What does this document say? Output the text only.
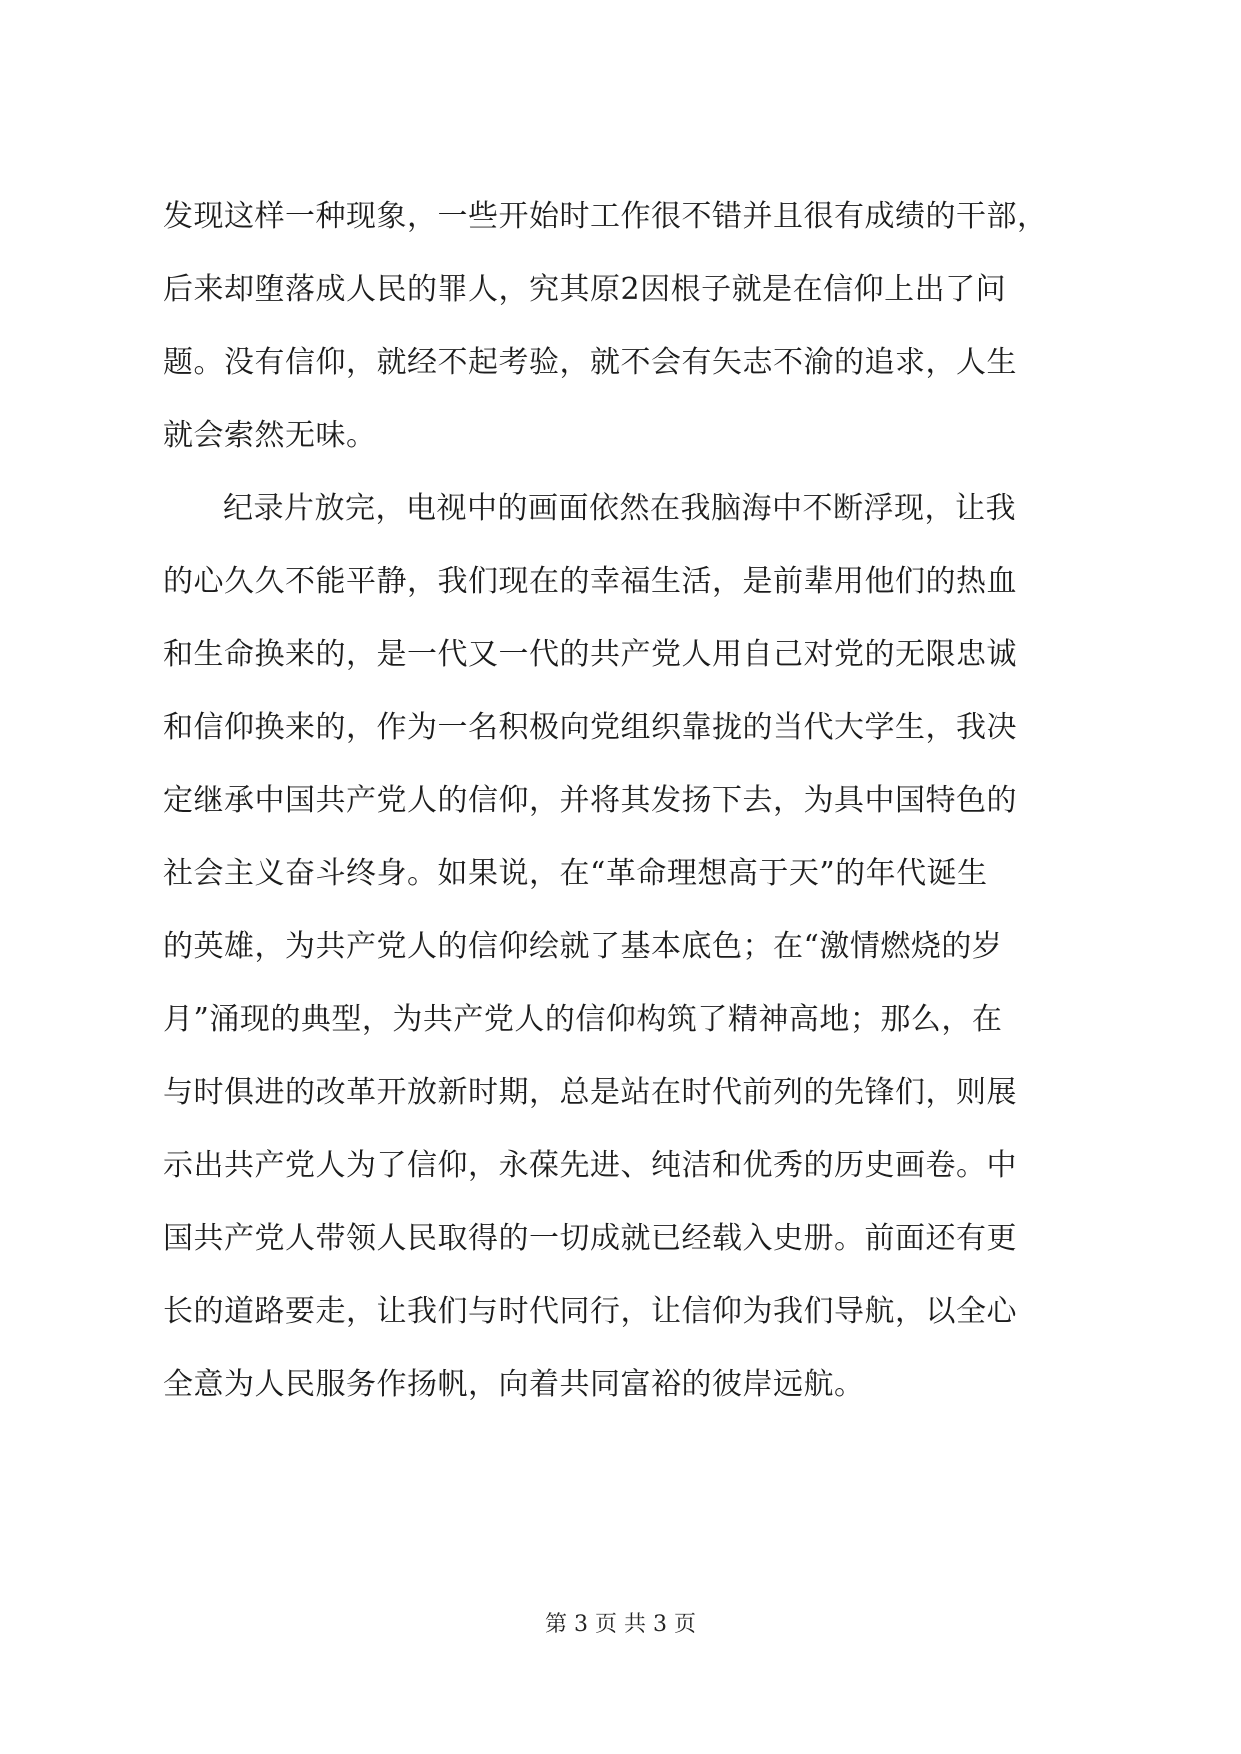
发现这样一种现象，一些开始时工作很不错并且很有成绩的干部，
后来却堕落成人民的罪人，究其原2因根子就是在信仰上出了问
题。没有信仰，就经不起考验，就不会有矢志不渝的追求，人生
就会索然无味。
纪录片放完，电视中的画面依然在我脑海中不断浮现，让我
的心久久不能平静，我们现在的幸福生活，是前辈用他们的热血
和生命换来的，是一代又一代的共产党人用自己对党的无限忠诚
和信仰换来的，作为一名积极向党组织靠拢的当代大学生，我决
定继承中国共产党人的信仰，并将其发扬下去，为具中国特色的
社会主义奋斗终身。如果说，在“革命理想高于天”的年代诞生
的英雄，为共产党人的信仰绘就了基本底色；在“激情燃烧的岁
月”涌现的典型，为共产党人的信仰构筑了精神高地；那么，在
与时俱进的改革开放新时期，总是站在时代前列的先锋们，则展
示出共产党人为了信仰，永葆先进、纯洁和优秀的历史画卷。中
国共产党人带领人民取得的一切成就已经载入史册。前面还有更
长的道路要走，让我们与时代同行，让信仰为我们导航，以全心
全意为人民服务作扬帆，向着共同富裕的彼岸远航。
第 3 页 共 3 页
